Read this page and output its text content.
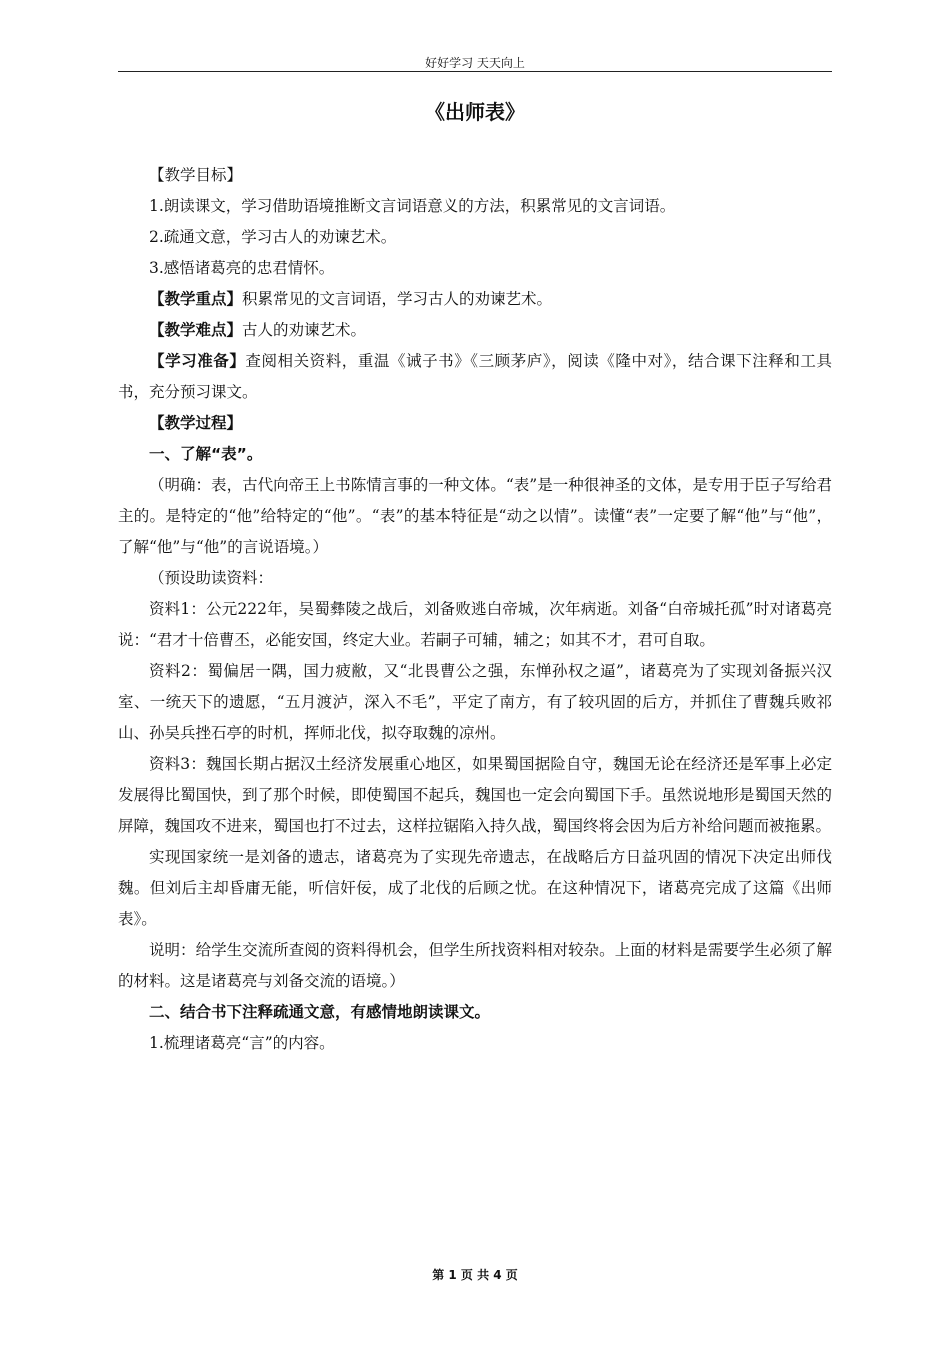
好好学习 天天向上
《出师表》

【教学目标】

1.朗读课文，学习借助语境推断文言词语意义的方法，积累常见的文言词语。

2.疏通文意，学习古人的劝谏艺术。

3.感悟诸葛亮的忠君情怀。

【教学重点】积累常见的文言词语，学习古人的劝谏艺术。

【教学难点】古人的劝谏艺术。

【学习准备】查阅相关资料，重温《诫子书》《三顾茅庐》，阅读《隆中对》，结合课下注释和工具书，充分预习课文。

【教学过程】

一、了解“表”。

（明确：表，古代向帝王上书陈情言事的一种文体。“表”是一种很神圣的文体，是专用于臣子写给君主的。是特定的“他”给特定的“他”。“表”的基本特征是“动之以情”。读懂“表”一定要了解“他”与“他”，了解“他”与“他”的言说语境。）

（预设助读资料：

资料1：公元222年，吴蜀彝陵之战后，刘备败逃白帝城，次年病逝。刘备“白帝城托孤”时对诸葛亮说：“君才十倍曹丕，必能安国，终定大业。若嗣子可辅，辅之；如其不才，君可自取。

资料2：蜀偏居一隅，国力疲敝，又“北畏曹公之强，东惮孙权之逼”，诸葛亮为了实现刘备振兴汉室、一统天下的遗愿，“五月渡泸，深入不毛”，平定了南方，有了较巩固的后方，并抓住了曹魏兵败祁山、孙吴兵挫石亭的时机，挥师北伐，拟夺取魏的凉州。

资料3：魏国长期占据汉土经济发展重心地区，如果蜀国据险自守，魏国无论在经济还是军事上必定发展得比蜀国快，到了那个时候，即使蜀国不起兵，魏国也一定会向蜀国下手。虽然说地形是蜀国天然的屏障，魏国攻不进来，蜀国也打不过去，这样拉锯陷入持久战，蜀国终将会因为后方补给问题而被拖累。

实现国家统一是刘备的遗志，诸葛亮为了实现先帝遗志，在战略后方日益巩固的情况下决定出师伐魏。但刘后主却昏庸无能，听信奸佞，成了北伐的后顾之忧。在这种情况下，诸葛亮完成了这篇《出师表》。

说明：给学生交流所查阅的资料得机会，但学生所找资料相对较杂。上面的材料是需要学生必须了解的材料。这是诸葛亮与刘备交流的语境。）

二、结合书下注释疏通文意，有感情地朗读课文。

1.梳理诸葛亮“言”的内容。

第 1 页 共 4 页
